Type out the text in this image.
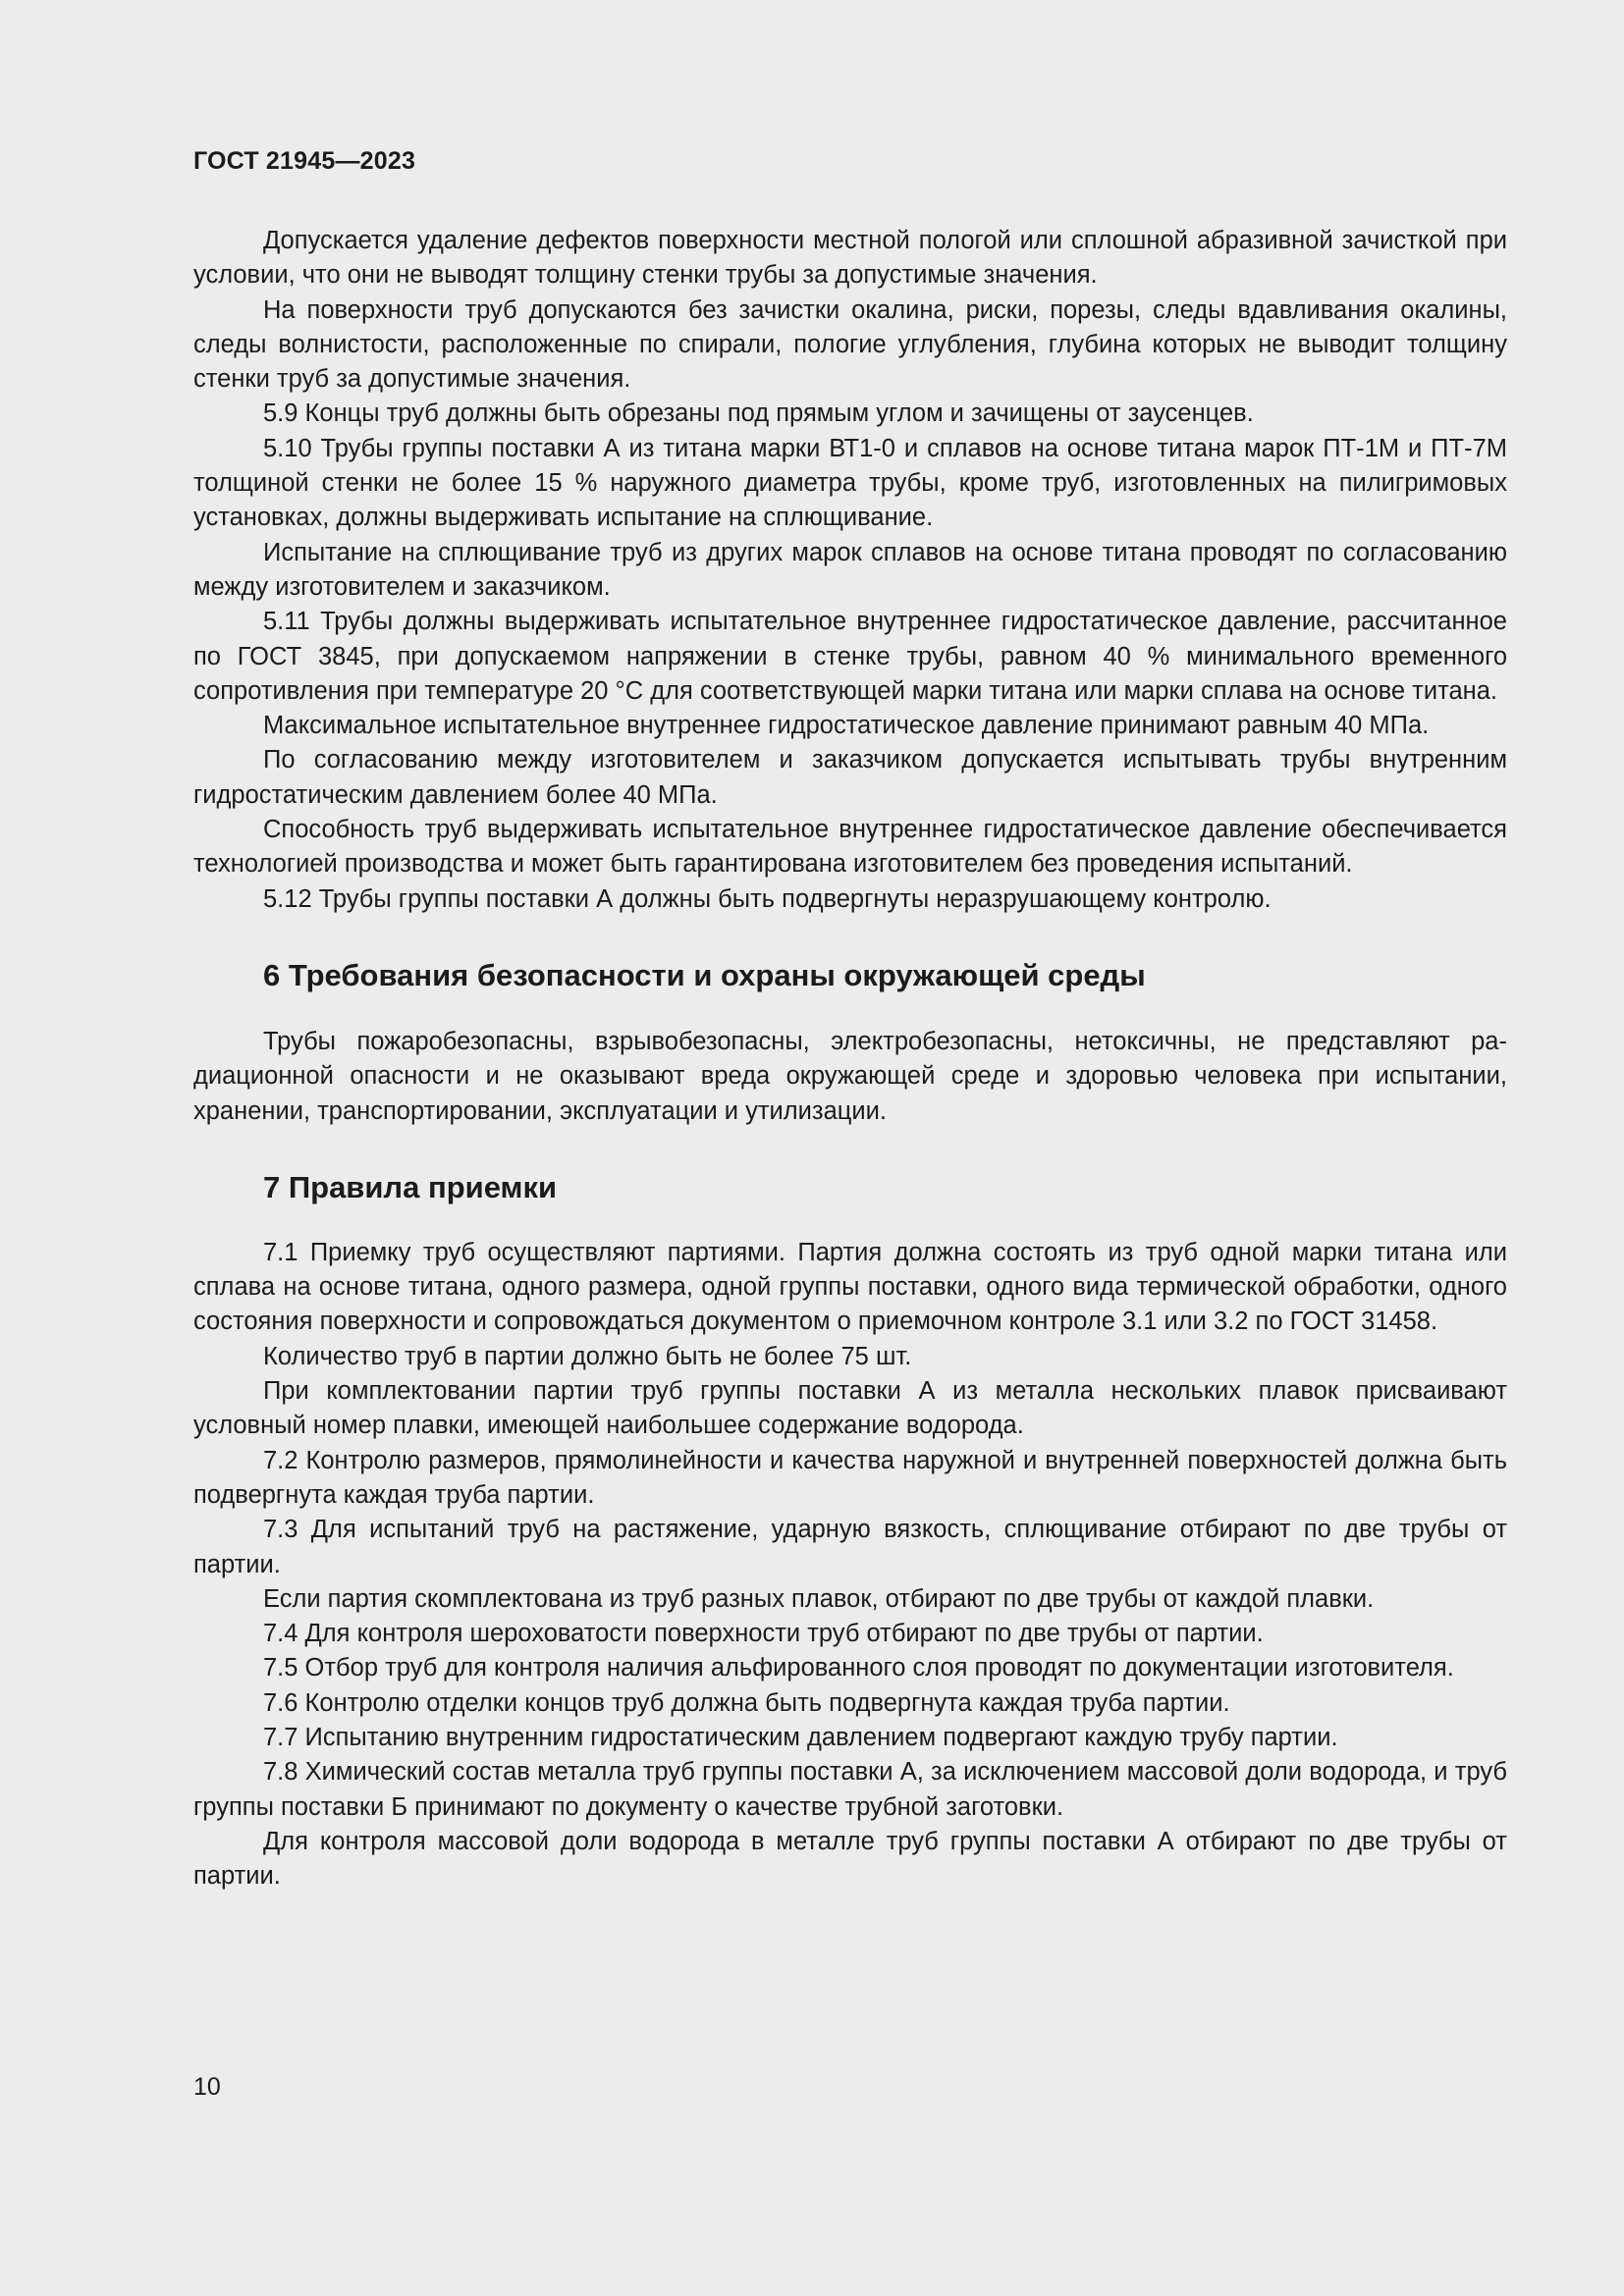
ГОСТ 21945—2023

Допускается удаление дефектов поверхности местной пологой или сплошной абразивной зачисткой при условии, что они не выводят толщину стенки трубы за допустимые значения.

На поверхности труб допускаются без зачистки окалина, риски, порезы, следы вдавливания окалины, следы волнистости, расположенные по спирали, пологие углубления, глубина которых не выводит толщину стенки труб за допустимые значения.

5.9 Концы труб должны быть обрезаны под прямым углом и зачищены от заусенцев.

5.10 Трубы группы поставки А из титана марки ВТ1-0 и сплавов на основе титана марок ПТ-1М и ПТ-7М толщиной стенки не более 15 % наружного диаметра трубы, кроме труб, изготовленных на пилигримовых установках, должны выдерживать испытание на сплющивание.

Испытание на сплющивание труб из других марок сплавов на основе титана проводят по согласованию между изготовителем и заказчиком.

5.11 Трубы должны выдерживать испытательное внутреннее гидростатическое давление, рассчитанное по ГОСТ 3845, при допускаемом напряжении в стенке трубы, равном 40 % минимального временного сопротивления при температуре 20 °С для соответствующей марки титана или марки сплава на основе титана.

Максимальное испытательное внутреннее гидростатическое давление принимают равным 40 МПа.

По согласованию между изготовителем и заказчиком допускается испытывать трубы внутренним гидростатическим давлением более 40 МПа.

Способность труб выдерживать испытательное внутреннее гидростатическое давление обеспечивается технологией производства и может быть гарантирована изготовителем без проведения испытаний.

5.12 Трубы группы поставки А должны быть подвергнуты неразрушающему контролю.

6 Требования безопасности и охраны окружающей среды

Трубы пожаробезопасны, взрывобезопасны, электробезопасны, нетоксичны, не представляют радиационной опасности и не оказывают вреда окружающей среде и здоровью человека при испытании, хранении, транспортировании, эксплуатации и утилизации.

7 Правила приемки

7.1 Приемку труб осуществляют партиями. Партия должна состоять из труб одной марки титана или сплава на основе титана, одного размера, одной группы поставки, одного вида термической обработки, одного состояния поверхности и сопровождаться документом о приемочном контроле 3.1 или 3.2 по ГОСТ 31458.

Количество труб в партии должно быть не более 75 шт.

При комплектовании партии труб группы поставки А из металла нескольких плавок присваивают условный номер плавки, имеющей наибольшее содержание водорода.

7.2 Контролю размеров, прямолинейности и качества наружной и внутренней поверхностей должна быть подвергнута каждая труба партии.

7.3 Для испытаний труб на растяжение, ударную вязкость, сплющивание отбирают по две трубы от партии.

Если партия скомплектована из труб разных плавок, отбирают по две трубы от каждой плавки.

7.4 Для контроля шероховатости поверхности труб отбирают по две трубы от партии.

7.5 Отбор труб для контроля наличия альфированного слоя проводят по документации изготовителя.

7.6 Контролю отделки концов труб должна быть подвергнута каждая труба партии.

7.7 Испытанию внутренним гидростатическим давлением подвергают каждую трубу партии.

7.8 Химический состав металла труб группы поставки А, за исключением массовой доли водорода, и труб группы поставки Б принимают по документу о качестве трубной заготовки.

Для контроля массовой доли водорода в металле труб группы поставки А отбирают по две трубы от партии.

10
